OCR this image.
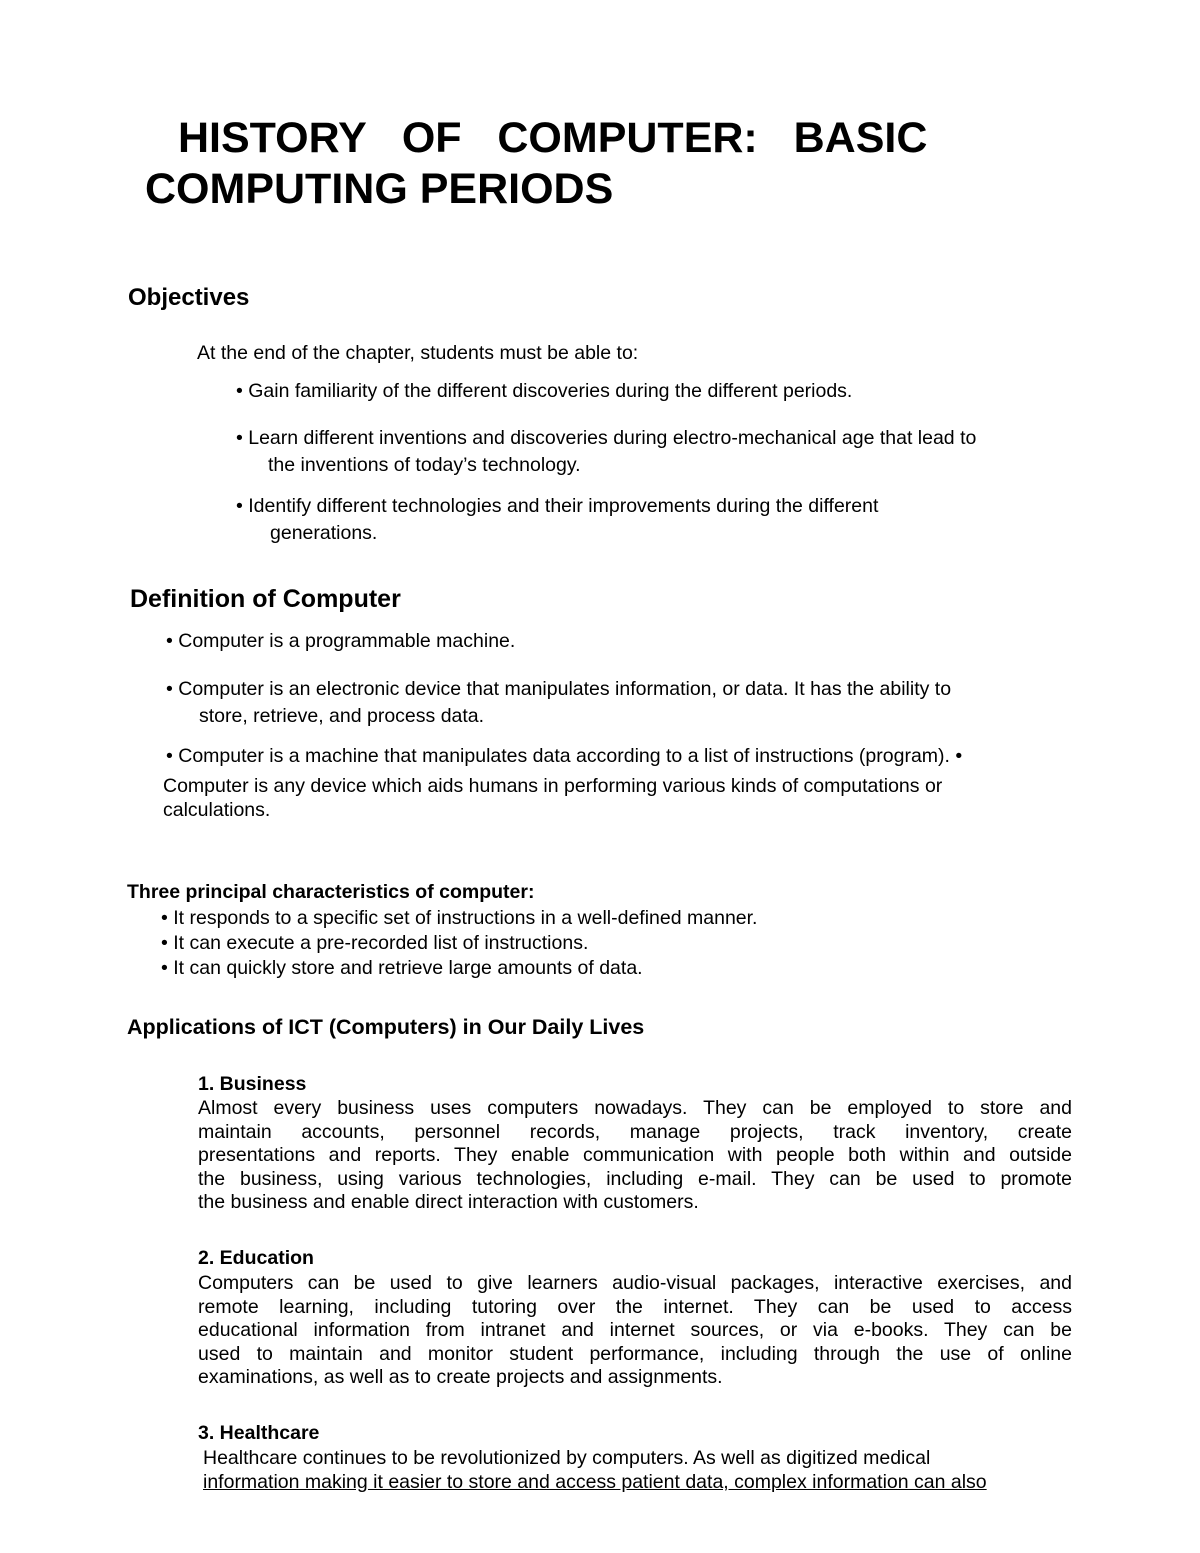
HISTORY   OF   COMPUTER:   BASIC
COMPUTING PERIODS
Objectives
At the end of the chapter, students must be able to:
• Gain familiarity of the different discoveries during the different periods.
• Learn different inventions and discoveries during electro-mechanical age that lead to
the inventions of today’s technology.
• Identify different technologies and their improvements during the different
generations.
Definition of Computer
• Computer is a programmable machine.
• Computer is an electronic device that manipulates information, or data. It has the ability to
store, retrieve, and process data.
• Computer is a machine that manipulates data according to a list of instructions (program). •
Computer is any device which aids humans in performing various kinds of computations or
calculations.
Three principal characteristics of computer:
• It responds to a specific set of instructions in a well-defined manner.
• It can execute a pre-recorded list of instructions.
• It can quickly store and retrieve large amounts of data.
Applications of ICT (Computers) in Our Daily Lives
1. Business
Almost every business uses computers nowadays. They can be employed to store and
maintain accounts, personnel records, manage projects, track inventory, create
presentations and reports. They enable communication with people both within and outside
the business, using various technologies, including e-mail. They can be used to promote
the business and enable direct interaction with customers.
2. Education
Computers can be used to give learners audio-visual packages, interactive exercises, and
remote learning, including tutoring over the internet. They can be used to access
educational information from intranet and internet sources, or via e-books. They can be
used to maintain and monitor student performance, including through the use of online
examinations, as well as to create projects and assignments.
3. Healthcare
Healthcare continues to be revolutionized by computers. As well as digitized medical
information making it easier to store and access patient data, complex information can also
